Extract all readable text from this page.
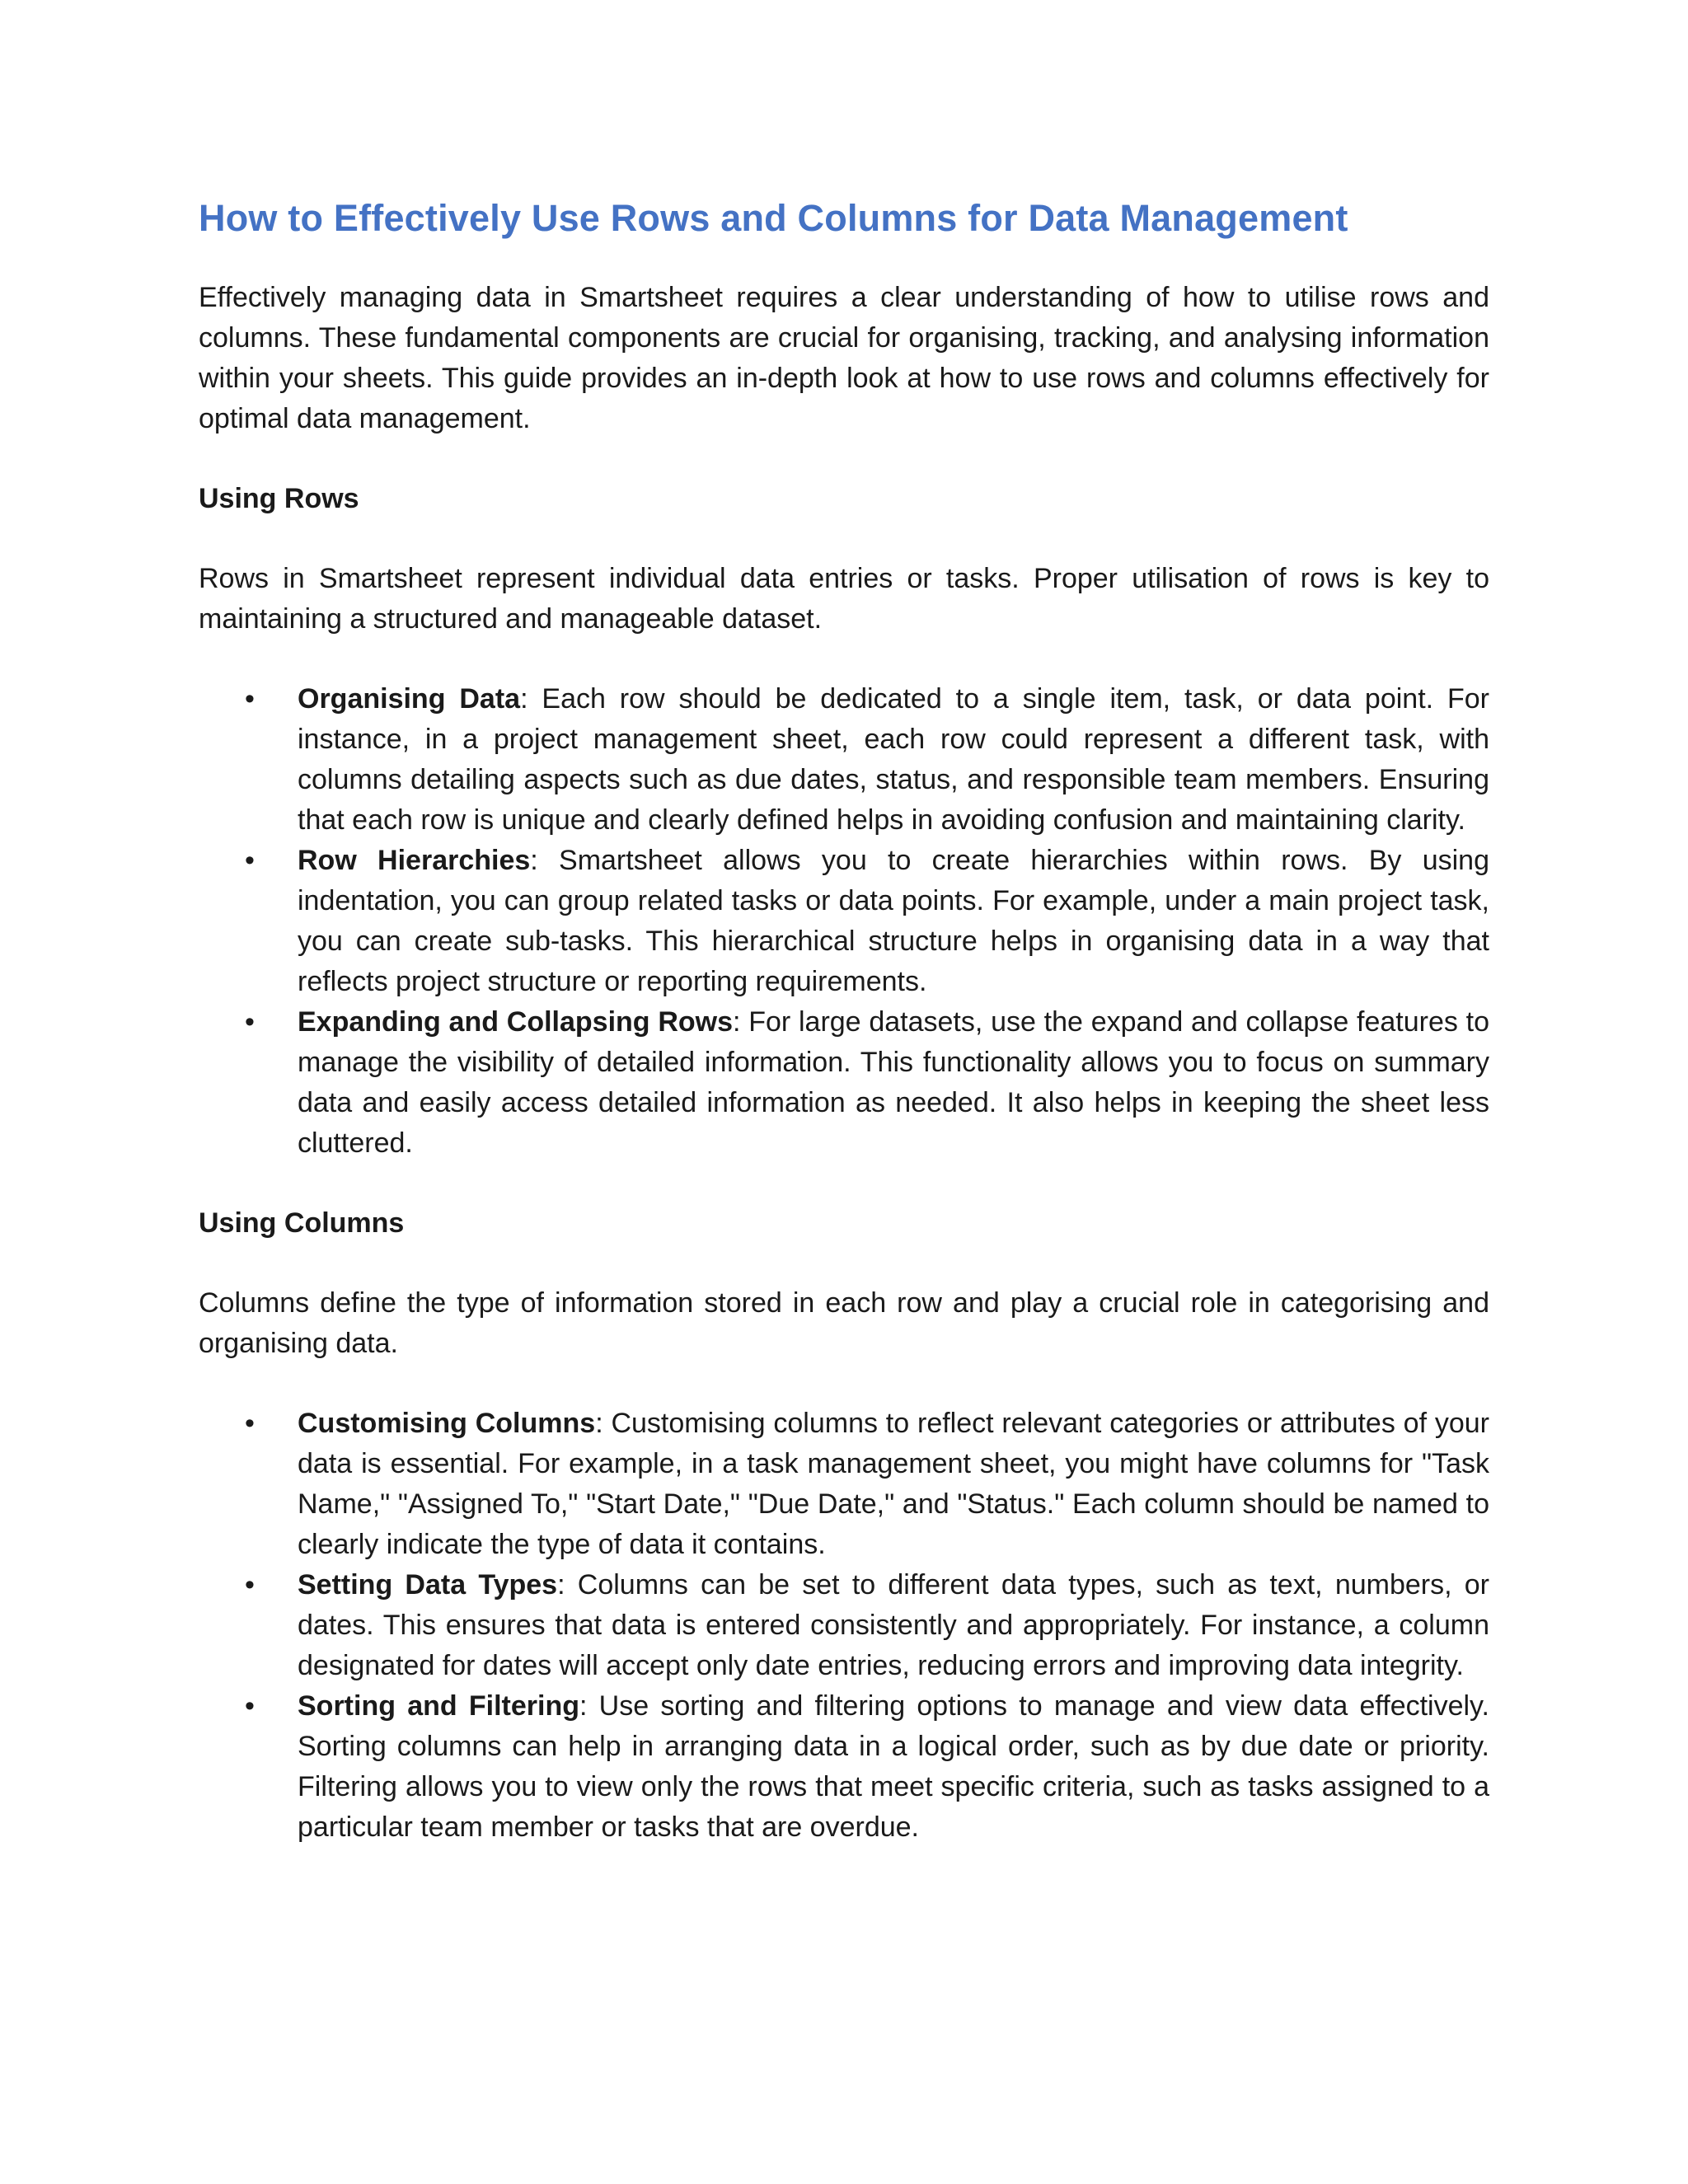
How to Effectively Use Rows and Columns for Data Management

Effectively managing data in Smartsheet requires a clear understanding of how to utilise rows and columns. These fundamental components are crucial for organising, tracking, and analysing information within your sheets. This guide provides an in-depth look at how to use rows and columns effectively for optimal data management.

Using Rows

Rows in Smartsheet represent individual data entries or tasks. Proper utilisation of rows is key to maintaining a structured and manageable dataset.

• Organising Data: Each row should be dedicated to a single item, task, or data point. For instance, in a project management sheet, each row could represent a different task, with columns detailing aspects such as due dates, status, and responsible team members. Ensuring that each row is unique and clearly defined helps in avoiding confusion and maintaining clarity.
• Row Hierarchies: Smartsheet allows you to create hierarchies within rows. By using indentation, you can group related tasks or data points. For example, under a main project task, you can create sub-tasks. This hierarchical structure helps in organising data in a way that reflects project structure or reporting requirements.
• Expanding and Collapsing Rows: For large datasets, use the expand and collapse features to manage the visibility of detailed information. This functionality allows you to focus on summary data and easily access detailed information as needed. It also helps in keeping the sheet less cluttered.
Using Columns

Columns define the type of information stored in each row and play a crucial role in categorising and organising data.

• Customising Columns: Customising columns to reflect relevant categories or attributes of your data is essential. For example, in a task management sheet, you might have columns for "Task Name," "Assigned To," "Start Date," "Due Date," and "Status." Each column should be named to clearly indicate the type of data it contains.
• Setting Data Types: Columns can be set to different data types, such as text, numbers, or dates. This ensures that data is entered consistently and appropriately. For instance, a column designated for dates will accept only date entries, reducing errors and improving data integrity.
• Sorting and Filtering: Use sorting and filtering options to manage and view data effectively. Sorting columns can help in arranging data in a logical order, such as by due date or priority. Filtering allows you to view only the rows that meet specific criteria, such as tasks assigned to a particular team member or tasks that are overdue.
